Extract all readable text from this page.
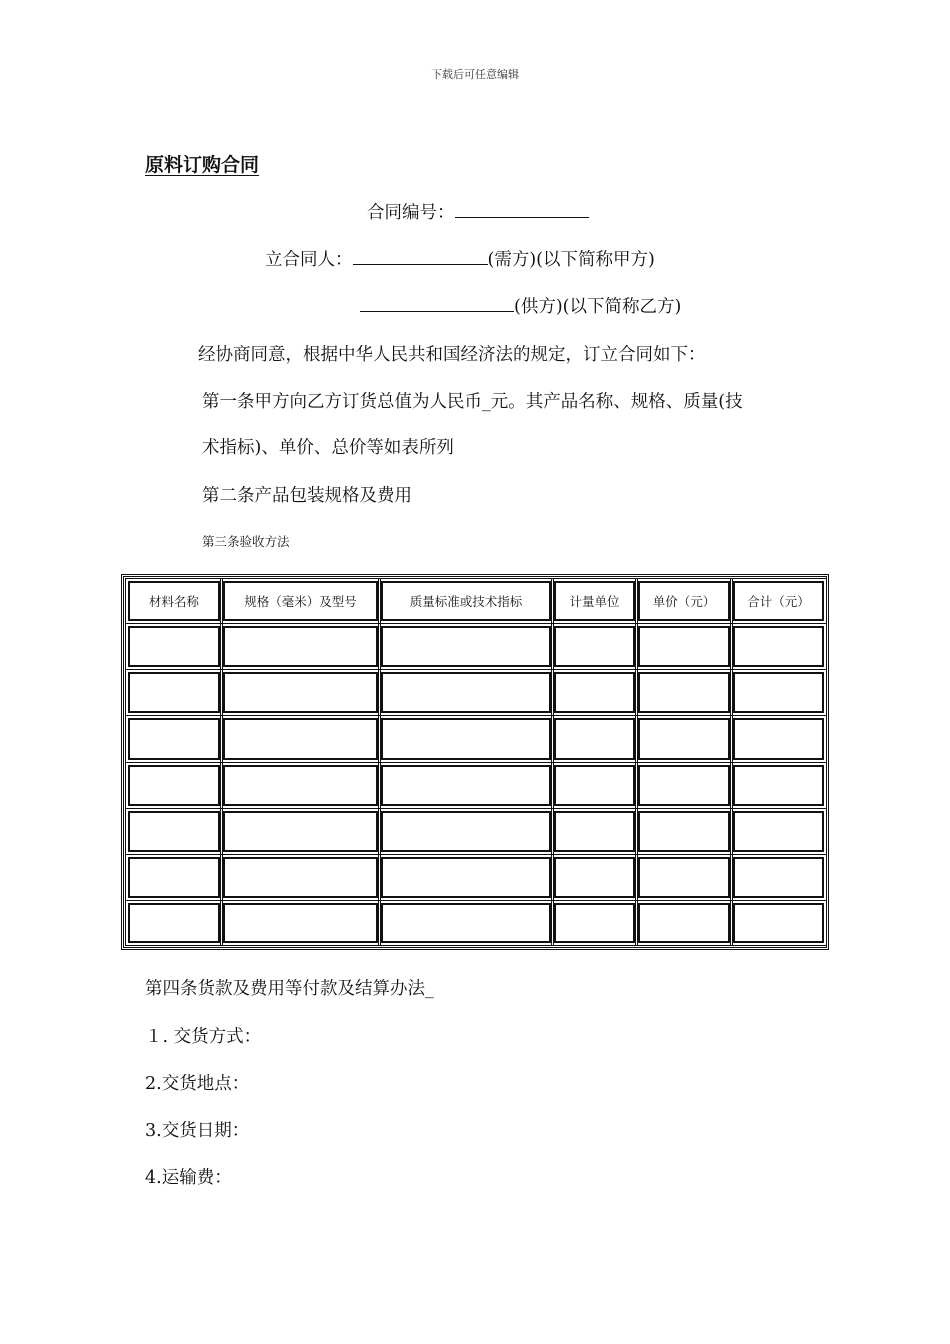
下载后可任意编辑
原料订购合同
合同编号：
立合同人：	(需方)(以下简称甲方)
(供方)(以下简称乙方)
经协商同意，根据中华人民共和国经济法的规定，订立合同如下：
第一条甲方向乙方订货总值为人民币_元。其产品名称、规格、质量(技
术指标)、单价、总价等如表所列
第二条产品包装规格及费用
第三条验收方法
材料名称	规格（毫米）及型号	质量标准或技术指标	计量单位	单价（元）	合计（元）
第四条货款及费用等付款及结算办法_
１. 交货方式：
2.交货地点：
3.交货日期：
4.运输费：
